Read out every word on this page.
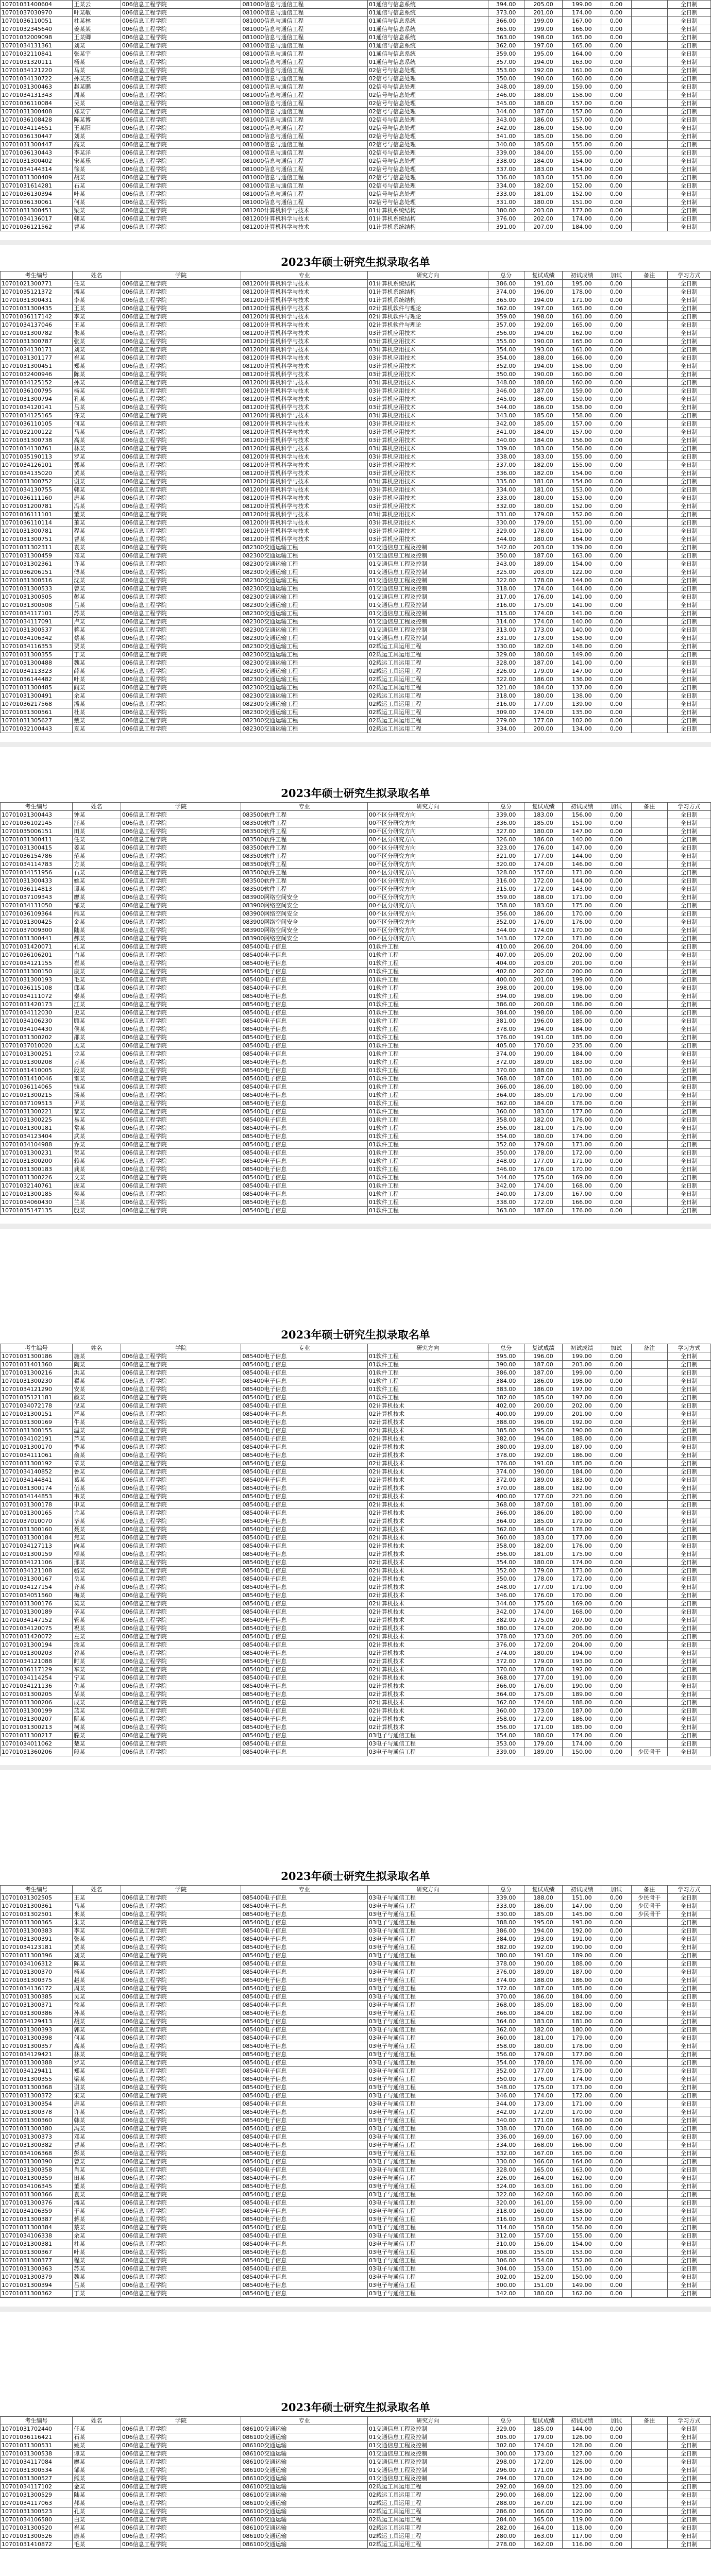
10701031400604	王某云	006信息工程学院	081000信息与通信工程	01通信与信息系统	394.00	205.00	199.00	0.00		全日制
10701037030970	叶某敏	006信息工程学院	081000信息与通信工程	01通信与信息系统	373.00	201.00	174.00	0.00		全日制
10701036110051	杜某林	006信息工程学院	081000信息与通信工程	01通信与信息系统	366.00	199.00	167.00	0.00		全日制
10701032345640	姜某某	006信息工程学院	081000信息与通信工程	01通信与信息系统	365.00	199.00	166.00	0.00		全日制
10701032009098	王某卿	006信息工程学院	081000信息与通信工程	01通信与信息系统	363.00	198.00	165.00	0.00		全日制
10701034131361	刘某	006信息工程学院	081000信息与通信工程	01通信与信息系统	362.00	197.00	165.00	0.00		全日制
10701032110841	张某宇	006信息工程学院	081000信息与通信工程	01通信与信息系统	359.00	195.00	164.00	0.00		全日制
10701031320111	杨某	006信息工程学院	081000信息与通信工程	01通信与信息系统	357.00	194.00	163.00	0.00		全日制
10701034121220	马某	006信息工程学院	081000信息与通信工程	02信号与信息处理	353.00	192.00	161.00	0.00		全日制
10701034130722	孙某杰	006信息工程学院	081000信息与通信工程	02信号与信息处理	350.00	190.00	160.00	0.00		全日制
10701031300463	赵某鹏	006信息工程学院	081000信息与通信工程	02信号与信息处理	348.00	189.00	159.00	0.00		全日制
10701034131343	周某	006信息工程学院	081000信息与通信工程	02信号与信息处理	346.00	188.00	158.00	0.00		全日制
10701036110084	吴某	006信息工程学院	081000信息与通信工程	02信号与信息处理	345.00	188.00	157.00	0.00		全日制
10701031300408	郑某宁	006信息工程学院	081000信息与通信工程	02信号与信息处理	344.00	187.00	157.00	0.00		全日制
10701036108428	陈某博	006信息工程学院	081000信息与通信工程	02信号与信息处理	343.00	186.00	157.00	0.00		全日制
10701034114651	王某阳	006信息工程学院	081000信息与通信工程	02信号与信息处理	342.00	186.00	156.00	0.00		全日制
10701036130447	刘某	006信息工程学院	081000信息与通信工程	02信号与信息处理	341.00	185.00	156.00	0.00		全日制
10701031300447	高某	006信息工程学院	081000信息与通信工程	02信号与信息处理	340.00	185.00	155.00	0.00		全日制
10701036130443	李某洋	006信息工程学院	081000信息与通信工程	02信号与信息处理	339.00	184.00	155.00	0.00		全日制
10701031300402	宋某乐	006信息工程学院	081000信息与通信工程	02信号与信息处理	338.00	184.00	154.00	0.00		全日制
10701034144314	徐某	006信息工程学院	081000信息与通信工程	02信号与信息处理	337.00	183.00	154.00	0.00		全日制
10701031300409	胡某	006信息工程学院	081000信息与通信工程	02信号与信息处理	336.00	183.00	153.00	0.00		全日制
10701031614281	石某	006信息工程学院	081000信息与通信工程	02信号与信息处理	334.00	182.00	152.00	0.00		全日制
10701036130394	叶某	006信息工程学院	081000信息与通信工程	02信号与信息处理	333.00	181.00	152.00	0.00		全日制
10701036130061	何某	006信息工程学院	081000信息与通信工程	02信号与信息处理	331.00	180.00	151.00	0.00		全日制
10701031300451	梁某	006信息工程学院	081200计算机科学与技术	01计算机系统结构	380.00	203.00	177.00	0.00		全日制
10701034136017	韩某	006信息工程学院	081200计算机科学与技术	01计算机系统结构	376.00	202.00	174.00	0.00		全日制
10701036121562	曹某	006信息工程学院	081200计算机科学与技术	01计算机系统结构	391.00	207.00	184.00	0.00		全日制
2023年硕士研究生拟录取名单
考生编号	姓名	学院	专业	研究方向	总分	复试成绩	初试成绩	加试	备注	学习方式
10701021300771	任某	006信息工程学院	081200计算机科学与技术	01计算机系统结构	386.00	191.00	195.00	0.00		全日制
10701035121372	潘某	006信息工程学院	081200计算机科学与技术	01计算机系统结构	374.00	196.00	178.00	0.00		全日制
10701031300431	李某	006信息工程学院	081200计算机科学与技术	01计算机系统结构	365.00	194.00	171.00	0.00		全日制
10701031300435	王某	006信息工程学院	081200计算机科学与技术	02计算机软件与理论	362.00	197.00	165.00	0.00		全日制
10701036117142	李某	006信息工程学院	081200计算机科学与技术	02计算机软件与理论	359.00	198.00	161.00	0.00		全日制
10701034137046	王某	006信息工程学院	081200计算机科学与技术	02计算机软件与理论	357.00	192.00	165.00	0.00		全日制
10701031300782	朱某	006信息工程学院	081200计算机科学与技术	03计算机应用技术	356.00	194.00	162.00	0.00		全日制
10701031300787	张某	006信息工程学院	081200计算机科学与技术	03计算机应用技术	355.00	190.00	165.00	0.00		全日制
10701034130171	刘某	006信息工程学院	081200计算机科学与技术	03计算机应用技术	354.00	193.00	161.00	0.00		全日制
10701031301177	崔某	006信息工程学院	081200计算机科学与技术	03计算机应用技术	354.00	188.00	166.00	0.00		全日制
10701031300451	郑某	006信息工程学院	081200计算机科学与技术	03计算机应用技术	352.00	194.00	158.00	0.00		全日制
10701032400946	陈某	006信息工程学院	081200计算机科学与技术	03计算机应用技术	350.00	190.00	160.00	0.00		全日制
10701034125152	孙某	006信息工程学院	081200计算机科学与技术	03计算机应用技术	348.00	188.00	160.00	0.00		全日制
10701036100795	杨某	006信息工程学院	081200计算机科学与技术	03计算机应用技术	346.00	187.00	159.00	0.00		全日制
10701031300794	孔某	006信息工程学院	081200计算机科学与技术	03计算机应用技术	345.00	186.00	159.00	0.00		全日制
10701034120141	吕某	006信息工程学院	081200计算机科学与技术	03计算机应用技术	344.00	186.00	158.00	0.00		全日制
10701034125165	许某	006信息工程学院	081200计算机科学与技术	03计算机应用技术	343.00	185.00	158.00	0.00		全日制
10701036110105	何某	006信息工程学院	081200计算机科学与技术	03计算机应用技术	342.00	185.00	157.00	0.00		全日制
10701032100122	马某	006信息工程学院	081200计算机科学与技术	03计算机应用技术	341.00	184.00	157.00	0.00		全日制
10701031300738	高某	006信息工程学院	081200计算机科学与技术	03计算机应用技术	340.00	184.00	156.00	0.00		全日制
10701034130761	林某	006信息工程学院	081200计算机科学与技术	03计算机应用技术	339.00	183.00	156.00	0.00		全日制
10701035190113	罗某	006信息工程学院	081200计算机科学与技术	03计算机应用技术	338.00	183.00	155.00	0.00		全日制
10701034126101	郭某	006信息工程学院	081200计算机科学与技术	03计算机应用技术	337.00	182.00	155.00	0.00		全日制
10701034135020	黄某	006信息工程学院	081200计算机科学与技术	03计算机应用技术	336.00	182.00	154.00	0.00		全日制
10701031300752	谢某	006信息工程学院	081200计算机科学与技术	03计算机应用技术	335.00	181.00	154.00	0.00		全日制
10701034130755	韩某	006信息工程学院	081200计算机科学与技术	03计算机应用技术	334.00	181.00	153.00	0.00		全日制
10701036111160	唐某	006信息工程学院	081200计算机科学与技术	03计算机应用技术	333.00	180.00	153.00	0.00		全日制
10701031200781	冯某	006信息工程学院	081200计算机科学与技术	03计算机应用技术	332.00	180.00	152.00	0.00		全日制
10701036111101	董某	006信息工程学院	081200计算机科学与技术	03计算机应用技术	331.00	179.00	152.00	0.00		全日制
10701036110114	萧某	006信息工程学院	081200计算机科学与技术	03计算机应用技术	330.00	179.00	151.00	0.00		全日制
10701031300781	程某	006信息工程学院	081200计算机科学与技术	03计算机应用技术	329.00	178.00	151.00	0.00		全日制
10701031300751	曹某	006信息工程学院	081200计算机科学与技术	03计算机应用技术	344.00	180.00	164.00	0.00		全日制
10701031302311	袁某	006信息工程学院	082300交通运输工程	01交通信息工程及控制	342.00	203.00	139.00	0.00		全日制
10701031300459	邓某	006信息工程学院	082300交通运输工程	01交通信息工程及控制	350.00	187.00	163.00	0.00		全日制
10701031302361	许某	006信息工程学院	082300交通运输工程	01交通信息工程及控制	343.00	189.00	154.00	0.00		全日制
10701036206151	傅某	006信息工程学院	082300交通运输工程	01交通信息工程及控制	325.00	203.00	122.00	0.00		全日制
10701031300516	沈某	006信息工程学院	082300交通运输工程	01交通信息工程及控制	322.00	178.00	144.00	0.00		全日制
10701031300533	曾某	006信息工程学院	082300交通运输工程	01交通信息工程及控制	318.00	174.00	144.00	0.00		全日制
10701031300505	彭某	006信息工程学院	082300交通运输工程	01交通信息工程及控制	317.00	176.00	141.00	0.00		全日制
10701031300508	吕某	006信息工程学院	082300交通运输工程	01交通信息工程及控制	316.00	175.00	141.00	0.00		全日制
10701034117101	苏某	006信息工程学院	082300交通运输工程	01交通信息工程及控制	315.00	174.00	141.00	0.00		全日制
10701034117091	卢某	006信息工程学院	082300交通运输工程	01交通信息工程及控制	314.00	174.00	140.00	0.00		全日制
10701031300537	蒋某	006信息工程学院	082300交通运输工程	01交通信息工程及控制	313.00	173.00	140.00	0.00		全日制
10701034106342	蔡某	006信息工程学院	082300交通运输工程	01交通信息工程及控制	331.00	173.00	158.00	0.00		全日制
10701034116353	贾某	006信息工程学院	082300交通运输工程	02载运工具运用工程	330.00	182.00	148.00	0.00		全日制
10701031300355	丁某	006信息工程学院	082300交通运输工程	02载运工具运用工程	329.00	180.00	149.00	0.00		全日制
10701031300488	魏某	006信息工程学院	082300交通运输工程	02载运工具运用工程	328.00	187.00	141.00	0.00		全日制
10701034113323	薛某	006信息工程学院	082300交通运输工程	02载运工具运用工程	326.00	179.00	147.00	0.00		全日制
10701036144482	叶某	006信息工程学院	082300交通运输工程	02载运工具运用工程	322.00	186.00	136.00	0.00		全日制
10701031300485	阎某	006信息工程学院	082300交通运输工程	02载运工具运用工程	321.00	184.00	137.00	0.00		全日制
10701031300491	余某	006信息工程学院	082300交通运输工程	02载运工具运用工程	318.00	180.00	138.00	0.00		全日制
10701036217568	潘某	006信息工程学院	082300交通运输工程	02载运工具运用工程	316.00	177.00	139.00	0.00		全日制
10701031300561	杜某	006信息工程学院	082300交通运输工程	02载运工具运用工程	309.00	174.00	135.00	0.00		全日制
10701031305627	戴某	006信息工程学院	082300交通运输工程	02载运工具运用工程	279.00	177.00	102.00	0.00		全日制
10701032100443	夏某	006信息工程学院	082300交通运输工程	02载运工具运用工程	334.00	200.00	134.00	0.00		全日制
2023年硕士研究生拟录取名单
考生编号	姓名	学院	专业	研究方向	总分	复试成绩	初试成绩	加试	备注	学习方式
10701031300443	钟某	006信息工程学院	083500软件工程	00不区分研究方向	339.00	183.00	156.00	0.00		全日制
10701036102145	汪某	006信息工程学院	083500软件工程	00不区分研究方向	336.00	185.00	151.00	0.00		全日制
10701035006151	田某	006信息工程学院	083500软件工程	00不区分研究方向	327.00	180.00	147.00	0.00		全日制
10701031300411	任某	006信息工程学院	083500软件工程	00不区分研究方向	326.00	186.00	140.00	0.00		全日制
10701031300415	姜某	006信息工程学院	083500软件工程	00不区分研究方向	323.00	176.00	147.00	0.00		全日制
10701036154786	范某	006信息工程学院	083500软件工程	00不区分研究方向	321.00	177.00	144.00	0.00		全日制
10701034114783	方某	006信息工程学院	083500软件工程	00不区分研究方向	320.00	174.00	146.00	0.00		全日制
10701034151956	石某	006信息工程学院	083500软件工程	00不区分研究方向	328.00	157.00	171.00	0.00		全日制
10701031300433	姚某	006信息工程学院	083500软件工程	00不区分研究方向	316.00	172.00	144.00	0.00		全日制
10701036114813	谭某	006信息工程学院	083500软件工程	00不区分研究方向	315.00	172.00	143.00	0.00		全日制
10701037109343	廖某	006信息工程学院	083900网络空间安全	00不区分研究方向	359.00	188.00	171.00	0.00		全日制
10701034131050	邹某	006信息工程学院	083900网络空间安全	00不区分研究方向	358.00	183.00	175.00	0.00		全日制
10701036109364	熊某	006信息工程学院	083900网络空间安全	00不区分研究方向	356.00	186.00	170.00	0.00		全日制
10701031300425	金某	006信息工程学院	083900网络空间安全	00不区分研究方向	352.00	176.00	176.00	0.00		全日制
10701037009300	陆某	006信息工程学院	083900网络空间安全	00不区分研究方向	344.00	174.00	170.00	0.00		全日制
10701031300441	郝某	006信息工程学院	083900网络空间安全	00不区分研究方向	343.00	172.00	171.00	0.00		全日制
10701031420071	孔某	006信息工程学院	085400电子信息	01软件工程	410.00	206.00	204.00	0.00		全日制
10701036106201	白某	006信息工程学院	085400电子信息	01软件工程	407.00	205.00	202.00	0.00		全日制
10701034121155	崔某	006信息工程学院	085400电子信息	01软件工程	404.00	203.00	201.00	0.00		全日制
10701031300150	康某	006信息工程学院	085400电子信息	01软件工程	402.00	202.00	200.00	0.00		全日制
10701031300193	毛某	006信息工程学院	085400电子信息	01软件工程	400.00	201.00	199.00	0.00		全日制
10701036115108	邱某	006信息工程学院	085400电子信息	01软件工程	398.00	200.00	198.00	0.00		全日制
10701034111072	秦某	006信息工程学院	085400电子信息	01软件工程	394.00	198.00	196.00	0.00		全日制
10701031420173	江某	006信息工程学院	085400电子信息	01软件工程	386.00	200.00	186.00	0.00		全日制
10701034112030	史某	006信息工程学院	085400电子信息	01软件工程	384.00	198.00	186.00	0.00		全日制
10701034106230	顾某	006信息工程学院	085400电子信息	01软件工程	381.00	196.00	185.00	0.00		全日制
10701034104430	侯某	006信息工程学院	085400电子信息	01软件工程	378.00	194.00	184.00	0.00		全日制
10701031300202	邵某	006信息工程学院	085400电子信息	01软件工程	376.00	191.00	185.00	0.00		全日制
10701037010020	孟某	006信息工程学院	085400电子信息	01软件工程	405.00	170.00	235.00	0.00		全日制
10701031300251	龙某	006信息工程学院	085400电子信息	01软件工程	374.00	190.00	184.00	0.00		全日制
10701031300208	万某	006信息工程学院	085400电子信息	01软件工程	372.00	189.00	183.00	0.00		全日制
10701031410005	段某	006信息工程学院	085400电子信息	01软件工程	370.00	188.00	182.00	0.00		全日制
10701031410046	雷某	006信息工程学院	085400电子信息	01软件工程	368.00	187.00	181.00	0.00		全日制
10701036114065	钱某	006信息工程学院	085400电子信息	01软件工程	366.00	186.00	180.00	0.00		全日制
10701031300215	汤某	006信息工程学院	085400电子信息	01软件工程	364.00	185.00	179.00	0.00		全日制
10701037109513	尹某	006信息工程学院	085400电子信息	01软件工程	362.00	184.00	178.00	0.00		全日制
10701031300221	黎某	006信息工程学院	085400电子信息	01软件工程	360.00	183.00	177.00	0.00		全日制
10701031300225	易某	006信息工程学院	085400电子信息	01软件工程	358.00	182.00	176.00	0.00		全日制
10701031300181	常某	006信息工程学院	085400电子信息	01软件工程	356.00	181.00	175.00	0.00		全日制
10701034123404	武某	006信息工程学院	085400电子信息	01软件工程	354.00	180.00	174.00	0.00		全日制
10701034104988	乔某	006信息工程学院	085400电子信息	01软件工程	352.00	179.00	173.00	0.00		全日制
10701031300231	贺某	006信息工程学院	085400电子信息	01软件工程	350.00	178.00	172.00	0.00		全日制
10701031300200	赖某	006信息工程学院	085400电子信息	01软件工程	348.00	177.00	171.00	0.00		全日制
10701031300183	龚某	006信息工程学院	085400电子信息	01软件工程	346.00	176.00	170.00	0.00		全日制
10701031300226	文某	006信息工程学院	085400电子信息	01软件工程	344.00	175.00	169.00	0.00		全日制
10701032140761	庞某	006信息工程学院	085400电子信息	01软件工程	342.00	174.00	168.00	0.00		全日制
10701031300185	樊某	006信息工程学院	085400电子信息	01软件工程	340.00	173.00	167.00	0.00		全日制
10701034060430	兰某	006信息工程学院	085400电子信息	01软件工程	338.00	172.00	166.00	0.00		全日制
10701035147135	殷某	006信息工程学院	085400电子信息	01软件工程	363.00	187.00	176.00	0.00		全日制
2023年硕士研究生拟录取名单
考生编号	姓名	学院	专业	研究方向	总分	复试成绩	初试成绩	加试	备注	学习方式
10701031300186	施某	006信息工程学院	085400电子信息	01软件工程	395.00	196.00	199.00	0.00		全日制
10701031401360	陶某	006信息工程学院	085400电子信息	01软件工程	390.00	187.00	203.00	0.00		全日制
10701031300216	洪某	006信息工程学院	085400电子信息	01软件工程	386.00	187.00	199.00	0.00		全日制
10701031300230	翟某	006信息工程学院	085400电子信息	01软件工程	384.00	186.00	198.00	0.00		全日制
10701034121290	安某	006信息工程学院	085400电子信息	01软件工程	383.00	186.00	197.00	0.00		全日制
10701035121181	颜某	006信息工程学院	085400电子信息	01软件工程	382.00	185.00	197.00	0.00		全日制
10701034072178	倪某	006信息工程学院	085400电子信息	02计算机技术	402.00	200.00	202.00	0.00		全日制
10701031300151	严某	006信息工程学院	085400电子信息	02计算机技术	400.00	199.00	201.00	0.00		全日制
10701031300169	牛某	006信息工程学院	085400电子信息	02计算机技术	388.00	196.00	192.00	0.00		全日制
10701031300155	温某	006信息工程学院	085400电子信息	02计算机技术	385.00	195.00	190.00	0.00		全日制
10701034102191	芦某	006信息工程学院	085400电子信息	02计算机技术	382.00	194.00	188.00	0.00		全日制
10701031300170	季某	006信息工程学院	085400电子信息	02计算机技术	380.00	193.00	187.00	0.00		全日制
10701034111061	俞某	006信息工程学院	085400电子信息	02计算机技术	378.00	192.00	186.00	0.00		全日制
10701031300192	章某	006信息工程学院	085400电子信息	02计算机技术	376.00	191.00	185.00	0.00		全日制
10701034140852	鲁某	006信息工程学院	085400电子信息	02计算机技术	374.00	190.00	184.00	0.00		全日制
10701034144841	葛某	006信息工程学院	085400电子信息	02计算机技术	372.00	189.00	183.00	0.00		全日制
10701031300174	伍某	006信息工程学院	085400电子信息	02计算机技术	370.00	188.00	182.00	0.00		全日制
10701034144853	韦某	006信息工程学院	085400电子信息	02计算机技术	400.00	177.00	223.00	0.00		全日制
10701031300178	申某	006信息工程学院	085400电子信息	02计算机技术	368.00	187.00	181.00	0.00		全日制
10701031300165	尤某	006信息工程学院	085400电子信息	02计算机技术	366.00	186.00	180.00	0.00		全日制
10701037010070	毕某	006信息工程学院	085400电子信息	02计算机技术	364.00	185.00	179.00	0.00		全日制
10701031300160	聂某	006信息工程学院	085400电子信息	02计算机技术	362.00	184.00	178.00	0.00		全日制
10701031300184	焦某	006信息工程学院	085400电子信息	02计算机技术	360.00	183.00	177.00	0.00		全日制
10701034127113	向某	006信息工程学院	085400电子信息	02计算机技术	358.00	182.00	176.00	0.00		全日制
10701031300159	柳某	006信息工程学院	085400电子信息	02计算机技术	356.00	181.00	175.00	0.00		全日制
10701034121106	邢某	006信息工程学院	085400电子信息	02计算机技术	354.00	180.00	174.00	0.00		全日制
10701034121108	骆某	006信息工程学院	085400电子信息	02计算机技术	352.00	179.00	173.00	0.00		全日制
10701031300167	岳某	006信息工程学院	085400电子信息	02计算机技术	350.00	178.00	172.00	0.00		全日制
10701034127154	齐某	006信息工程学院	085400电子信息	02计算机技术	348.00	177.00	171.00	0.00		全日制
10701034051560	梅某	006信息工程学院	085400电子信息	02计算机技术	346.00	176.00	170.00	0.00		全日制
10701031300176	莫某	006信息工程学院	085400电子信息	02计算机技术	344.00	175.00	169.00	0.00		全日制
10701031300189	辛某	006信息工程学院	085400电子信息	02计算机技术	342.00	174.00	168.00	0.00		全日制
10701034147152	管某	006信息工程学院	085400电子信息	02计算机技术	382.00	175.00	207.00	0.00		全日制
10701034120075	祝某	006信息工程学院	085400电子信息	02计算机技术	380.00	174.00	206.00	0.00		全日制
10701031420072	左某	006信息工程学院	085400电子信息	02计算机技术	378.00	173.00	205.00	0.00		全日制
10701031300194	涂某	006信息工程学院	085400电子信息	02计算机技术	376.00	172.00	204.00	0.00		全日制
10701031300203	谷某	006信息工程学院	085400电子信息	02计算机技术	374.00	180.00	194.00	0.00		全日制
10701034121088	时某	006信息工程学院	085400电子信息	02计算机技术	372.00	179.00	193.00	0.00		全日制
10701036117129	车某	006信息工程学院	085400电子信息	02计算机技术	370.00	178.00	192.00	0.00		全日制
10701034114254	宁某	006信息工程学院	085400电子信息	02计算机技术	368.00	177.00	191.00	0.00		全日制
10701034121136	仇某	006信息工程学院	085400电子信息	02计算机技术	366.00	176.00	190.00	0.00		全日制
10701031300205	华某	006信息工程学院	085400电子信息	02计算机技术	364.00	175.00	189.00	0.00		全日制
10701031300206	成某	006信息工程学院	085400电子信息	02计算机技术	362.00	174.00	188.00	0.00		全日制
10701031300199	蓝某	006信息工程学院	085400电子信息	02计算机技术	360.00	173.00	187.00	0.00		全日制
10701031300207	阮某	006信息工程学院	085400电子信息	02计算机技术	358.00	172.00	186.00	0.00		全日制
10701031300213	柯某	006信息工程学院	085400电子信息	02计算机技术	356.00	171.00	185.00	0.00		全日制
10701031300217	滕某	006信息工程学院	085400电子信息	03电子与通信工程	354.00	180.00	174.00	0.00		全日制
10701034011062	楚某	006信息工程学院	085400电子信息	03电子与通信工程	353.00	179.00	174.00	0.00		全日制
10701031360206	殷某	006信息工程学院	085400电子信息	03电子与通信工程	339.00	189.00	150.00	0.00	少民骨干	全日制
2023年硕士研究生拟录取名单
考生编号	姓名	学院	专业	研究方向	总分	复试成绩	初试成绩	加试	备注	学习方式
10701031302505	王某	006信息工程学院	085400电子信息	03电子与通信工程	339.00	188.00	151.00	0.00	少民骨干	全日制
10701031300361	马某	006信息工程学院	085400电子信息	03电子与通信工程	333.00	186.00	147.00	0.00	少民骨干	全日制
10701031302501	米某	006信息工程学院	085400电子信息	03电子与通信工程	330.00	185.00	145.00	0.00	少民骨干	全日制
10701031300365	朱某	006信息工程学院	085400电子信息	03电子与通信工程	388.00	195.00	193.00	0.00		全日制
10701031300383	李某	006信息工程学院	085400电子信息	03电子与通信工程	386.00	194.00	192.00	0.00		全日制
10701031300391	张某	006信息工程学院	085400电子信息	03电子与通信工程	384.00	193.00	191.00	0.00		全日制
10701034123181	黄某	006信息工程学院	085400电子信息	03电子与通信工程	382.00	192.00	190.00	0.00		全日制
10701031300396	刘某	006信息工程学院	085400电子信息	03电子与通信工程	380.00	191.00	189.00	0.00		全日制
10701034106312	陈某	006信息工程学院	085400电子信息	03电子与通信工程	378.00	190.00	188.00	0.00		全日制
10701031300370	杨某	006信息工程学院	085400电子信息	03电子与通信工程	376.00	189.00	187.00	0.00		全日制
10701031300375	赵某	006信息工程学院	085400电子信息	03电子与通信工程	374.00	188.00	186.00	0.00		全日制
10701034136172	周某	006信息工程学院	085400电子信息	03电子与通信工程	372.00	187.00	185.00	0.00		全日制
10701031300385	吴某	006信息工程学院	085400电子信息	03电子与通信工程	370.00	186.00	184.00	0.00		全日制
10701031300371	徐某	006信息工程学院	085400电子信息	03电子与通信工程	368.00	185.00	183.00	0.00		全日制
10701031300386	孙某	006信息工程学院	085400电子信息	03电子与通信工程	366.00	184.00	182.00	0.00		全日制
10701034129413	胡某	006信息工程学院	085400电子信息	03电子与通信工程	364.00	183.00	181.00	0.00		全日制
10701031300393	郭某	006信息工程学院	085400电子信息	03电子与通信工程	362.00	182.00	180.00	0.00		全日制
10701031300398	何某	006信息工程学院	085400电子信息	03电子与通信工程	360.00	181.00	179.00	0.00		全日制
10701031300357	高某	006信息工程学院	085400电子信息	03电子与通信工程	358.00	180.00	178.00	0.00		全日制
10701034129421	林某	006信息工程学院	085400电子信息	03电子与通信工程	356.00	179.00	177.00	0.00		全日制
10701031300388	罗某	006信息工程学院	085400电子信息	03电子与通信工程	354.00	178.00	176.00	0.00		全日制
10701034129411	郑某	006信息工程学院	085400电子信息	03电子与通信工程	352.00	177.00	175.00	0.00		全日制
10701031300355	梁某	006信息工程学院	085400电子信息	03电子与通信工程	350.00	176.00	174.00	0.00		全日制
10701031300368	谢某	006信息工程学院	085400电子信息	03电子与通信工程	348.00	175.00	173.00	0.00		全日制
10701031300372	宋某	006信息工程学院	085400电子信息	03电子与通信工程	346.00	174.00	172.00	0.00		全日制
10701031300354	唐某	006信息工程学院	085400电子信息	03电子与通信工程	344.00	173.00	171.00	0.00		全日制
10701031300378	许某	006信息工程学院	085400电子信息	03电子与通信工程	342.00	172.00	170.00	0.00		全日制
10701031300360	韩某	006信息工程学院	085400电子信息	03电子与通信工程	340.00	171.00	169.00	0.00		全日制
10701031300380	冯某	006信息工程学院	085400电子信息	03电子与通信工程	338.00	170.00	168.00	0.00		全日制
10701031300373	邓某	006信息工程学院	085400电子信息	03电子与通信工程	336.00	169.00	167.00	0.00		全日制
10701031300382	曹某	006信息工程学院	085400电子信息	03电子与通信工程	334.00	168.00	166.00	0.00		全日制
10701034106368	彭某	006信息工程学院	085400电子信息	03电子与通信工程	332.00	167.00	165.00	0.00		全日制
10701031300390	曾某	006信息工程学院	085400电子信息	03电子与通信工程	330.00	166.00	164.00	0.00		全日制
10701031300358	肖某	006信息工程学院	085400电子信息	03电子与通信工程	328.00	165.00	163.00	0.00		全日制
10701031300359	田某	006信息工程学院	085400电子信息	03电子与通信工程	326.00	164.00	162.00	0.00		全日制
10701034106345	董某	006信息工程学院	085400电子信息	03电子与通信工程	324.00	163.00	161.00	0.00		全日制
10701031300366	袁某	006信息工程学院	085400电子信息	03电子与通信工程	322.00	162.00	160.00	0.00		全日制
10701031300376	潘某	006信息工程学院	085400电子信息	03电子与通信工程	320.00	161.00	159.00	0.00		全日制
10701034106359	于某	006信息工程学院	085400电子信息	03电子与通信工程	318.00	160.00	158.00	0.00		全日制
10701031300387	蒋某	006信息工程学院	085400电子信息	03电子与通信工程	316.00	159.00	157.00	0.00		全日制
10701031300384	蔡某	006信息工程学院	085400电子信息	03电子与通信工程	314.00	158.00	156.00	0.00		全日制
10701034106338	余某	006信息工程学院	085400电子信息	03电子与通信工程	312.00	157.00	155.00	0.00		全日制
10701031300381	杜某	006信息工程学院	085400电子信息	03电子与通信工程	310.00	156.00	154.00	0.00		全日制
10701031300367	叶某	006信息工程学院	085400电子信息	03电子与通信工程	308.00	155.00	153.00	0.00		全日制
10701031300377	程某	006信息工程学院	085400电子信息	03电子与通信工程	306.00	154.00	152.00	0.00		全日制
10701031300363	苏某	006信息工程学院	085400电子信息	03电子与通信工程	304.00	153.00	151.00	0.00		全日制
10701031300379	魏某	006信息工程学院	085400电子信息	03电子与通信工程	302.00	152.00	150.00	0.00		全日制
10701031300394	吕某	006信息工程学院	085400电子信息	03电子与通信工程	300.00	151.00	149.00	0.00		全日制
10701031300362	丁某	006信息工程学院	085400电子信息	03电子与通信工程	342.00	180.00	162.00	0.00		全日制
2023年硕士研究生拟录取名单
考生编号	姓名	学院	专业	研究方向	总分	复试成绩	初试成绩	加试	备注	学习方式
10701031702440	任某	006信息工程学院	086100交通运输	01交通信息工程及控制	329.00	185.00	144.00	0.00		全日制
10701036116421	石某	006信息工程学院	086100交通运输	01交通信息工程及控制	305.00	179.00	126.00	0.00		全日制
10701031300531	姚某	006信息工程学院	086100交通运输	01交通信息工程及控制	302.00	174.00	128.00	0.00		全日制
10701031300538	谭某	006信息工程学院	086100交通运输	01交通信息工程及控制	300.00	173.00	127.00	0.00		全日制
10701034117084	廖某	006信息工程学院	086100交通运输	01交通信息工程及控制	298.00	172.00	126.00	0.00		全日制
10701031300534	邹某	006信息工程学院	086100交通运输	01交通信息工程及控制	296.00	171.00	125.00	0.00		全日制
10701031300527	熊某	006信息工程学院	086100交通运输	01交通信息工程及控制	294.00	170.00	124.00	0.00		全日制
10701034117102	金某	006信息工程学院	086100交通运输	02载运工具运用工程	292.00	169.00	123.00	0.00		全日制
10701031300529	陆某	006信息工程学院	086100交通运输	02载运工具运用工程	290.00	168.00	122.00	0.00		全日制
10701034117063	郝某	006信息工程学院	086100交通运输	02载运工具运用工程	288.00	167.00	121.00	0.00		全日制
10701031300523	孔某	006信息工程学院	086100交通运输	02载运工具运用工程	286.00	166.00	120.00	0.00		全日制
10701034106580	白某	006信息工程学院	086100交通运输	02载运工具运用工程	284.00	165.00	119.00	0.00		全日制
10701031300520	崔某	006信息工程学院	086100交通运输	02载运工具运用工程	282.00	164.00	118.00	0.00		全日制
10701031300526	康某	006信息工程学院	086100交通运输	02载运工具运用工程	280.00	163.00	117.00	0.00		全日制
10701031410872	毛某	006信息工程学院	086100交通运输	02载运工具运用工程	278.00	162.00	116.00	0.00		全日制
